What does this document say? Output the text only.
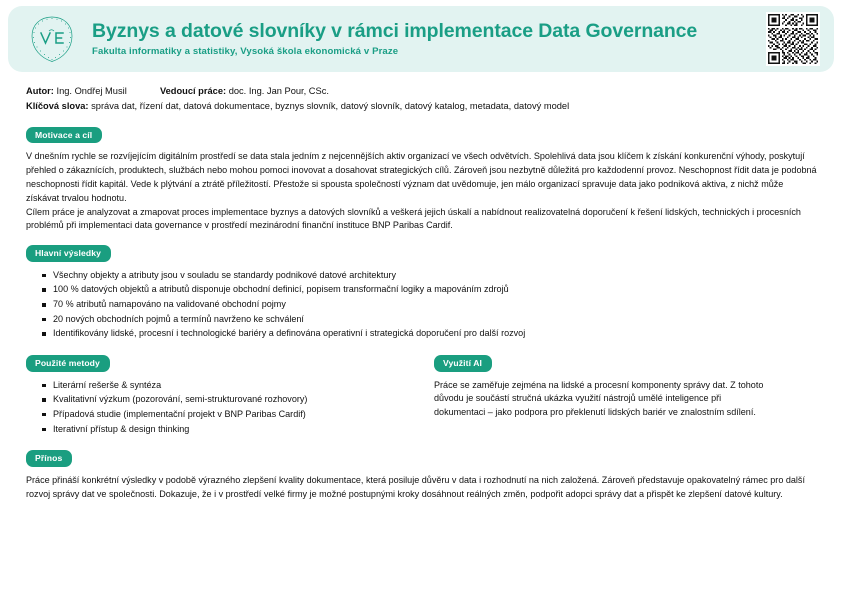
Byznys a datové slovníky v rámci implementace Data Governance
Fakulta informatiky a statistiky, Vysoká škola ekonomická v Praze
Autor: Ing. Ondřej Musil	Vedoucí práce: doc. Ing. Jan Pour, CSc.
Klíčová slova: správa dat, řízení dat, datová dokumentace, byznys slovník, datový slovník, datový katalog, metadata, datový model
Motivace a cíl

V dnešním rychle se rozvíjejícím digitálním prostředí se data stala jedním z nejcennějších aktiv organizací ve všech odvětvích. Spolehlivá data jsou klíčem k získání konkurenční výhody, poskytují přehled o zákaznících, produktech, službách nebo mohou pomoci inovovat a dosahovat strategických cílů. Zároveň jsou nezbytně důležitá pro každodenní provoz. Neschopnost řídit data je podobná neschopnosti řídit kapitál. Vede k plýtvání a ztrátě příležitostí. Přestože si spousta společností význam dat uvědomuje, jen málo organizací spravuje data jako podniková aktiva, z nichž může získávat trvalou hodnotu.

Cílem práce je analyzovat a zmapovat proces implementace byznys a datových slovníků a veškerá jejich úskalí a nabídnout realizovatelná doporučení k řešení lidských, technických i procesních problémů při implementaci data governance v prostředí mezinárodní finanční instituce BNP Paribas Cardif.

Hlavní výsledky
Všechny objekty a atributy jsou v souladu se standardy podnikové datové architektury
100 % datových objektů a atributů disponuje obchodní definicí, popisem transformační logiky a mapováním zdrojů
70 % atributů namapováno na validované obchodní pojmy
20 nových obchodních pojmů a termínů navrženo ke schválení
Identifikovány lidské, procesní i technologické bariéry a definována operativní i strategická doporučení pro další rozvoj
Použité metody
Literární rešerše & syntéza
Kvalitativní výzkum (pozorování, semi-strukturované rozhovory)
Případová studie (implementační projekt v BNP Paribas Cardif)
Iterativní přístup & design thinking
Využití AI

Práce se zaměřuje zejména na lidské a procesní komponenty správy dat. Z tohoto důvodu je součástí stručná ukázka využití nástrojů umělé inteligence při dokumentaci – jako podpora pro překlenutí lidských bariér ve znalostním sdílení.

Přínos

Práce přináší konkrétní výsledky v podobě výrazného zlepšení kvality dokumentace, která posiluje důvěru v data i rozhodnutí na nich založená. Zároveň představuje opakovatelný rámec pro další rozvoj správy dat ve společnosti. Dokazuje, že i v prostředí velké firmy je možné postupnými kroky dosáhnout reálných změn, podpořit adopci správy dat a přispět ke zlepšení datové kultury.
